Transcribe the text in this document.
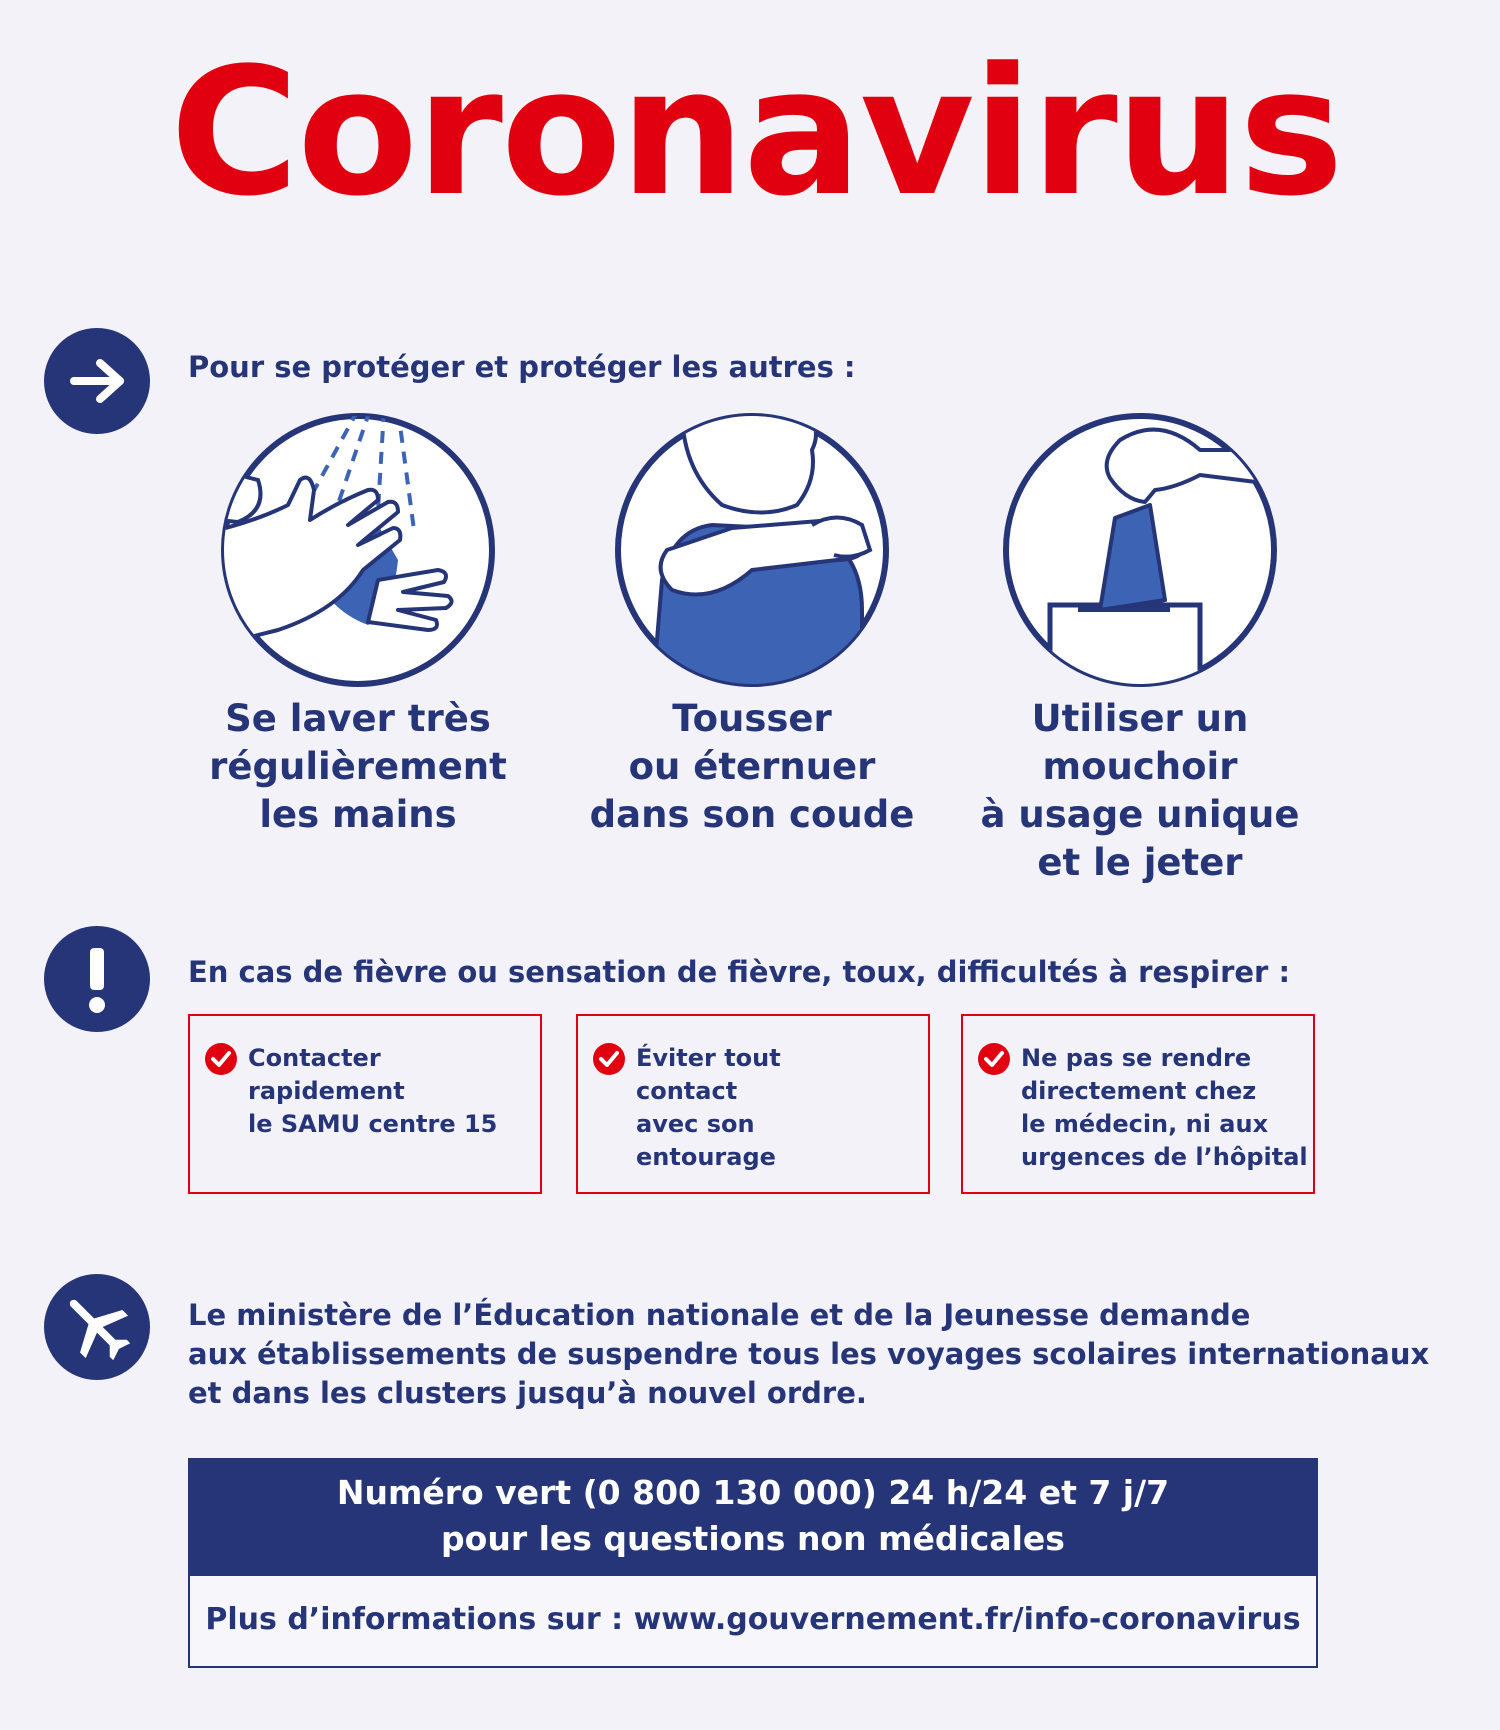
Coronavirus
Pour se protéger et protéger les autres :
Se laver très
régulièrement
les mains
Tousser
ou éternuer
dans son coude
Utiliser un
mouchoir
à usage unique
et le jeter
En cas de fièvre ou sensation de fièvre, toux, difficultés à respirer :
Contacter
rapidement
le SAMU centre 15
Éviter tout
contact
avec son
entourage
Ne pas se rendre
directement chez
le médecin, ni aux
urgences de l’hôpital
Le ministère de l’Éducation nationale et de la Jeunesse demande
aux établissements de suspendre tous les voyages scolaires internationaux
et dans les clusters jusqu’à nouvel ordre.
Numéro vert (0 800 130 000) 24 h/24 et 7 j/7
pour les questions non médicales
Plus d’informations sur : www.gouvernement.fr/info-coronavirus
